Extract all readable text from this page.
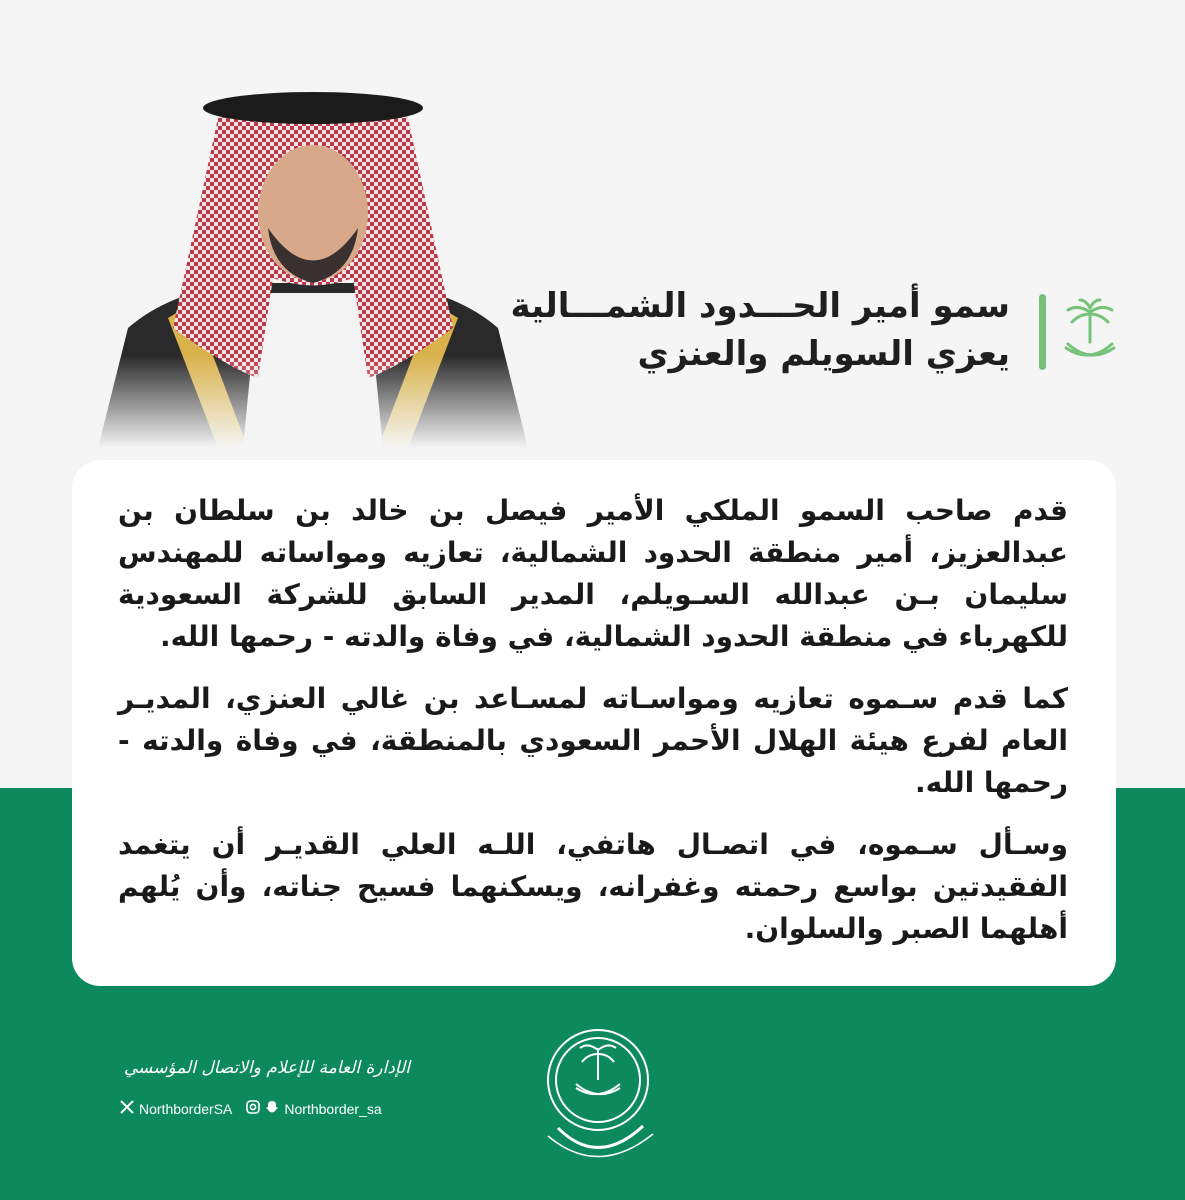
سمو أمير الحـــدود الشمـــالية
يعزي السويلم والعنزي

قدم صاحب السمو الملكي الأمير فيصل بن خالد بن سلطان بن عبدالعزيز، أمير منطقة الحدود الشمالية، تعازيه ومواساته للمهندس سليمان بـن عبدالله السـويلم، المدير السابق للشركة السعودية للكهرباء في منطقة الحدود الشمالية، في وفاة والدته - رحمها الله.

كما قدم سـموه تعازيه ومواسـاته لمسـاعد بن غالي العنزي، المديـر العام لفرع هيئة الهلال الأحمر السعودي بالمنطقة، في وفاة والدته - رحمها الله.

وسـأل سـموه، في اتصـال هاتفي، اللـه العلي القديـر أن يتغمد الفقيدتين بواسع رحمته وغفرانه، ويسكنهما فسيح جناته، وأن يُلهم أهلهما الصبر والسلوان.

الإدارة العامة للإعلام والاتصال المؤسسي
NorthborderSA	Northborder_sa
